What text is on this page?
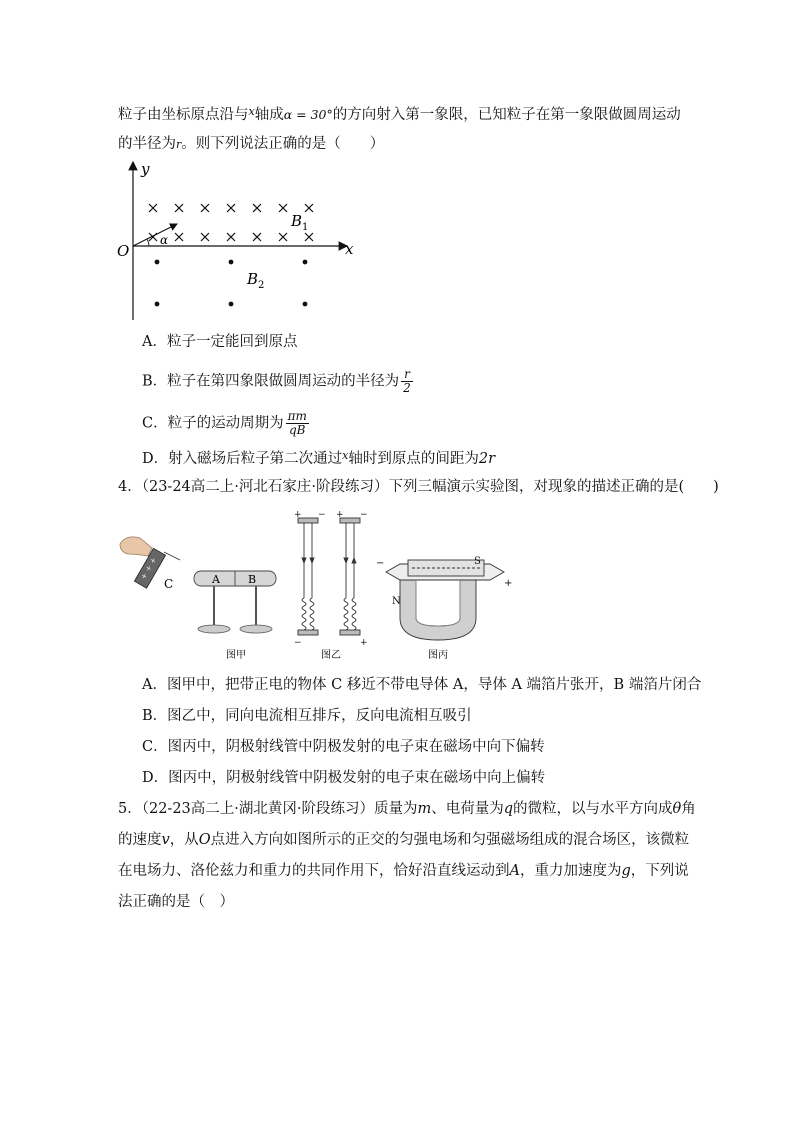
粒子由坐标原点沿与$^x$轴成α = 30°的方向射入第一象限，已知粒子在第一象限做圆周运动
的半径为r。则下列说法正确的是（　　）
y
x
O
α
$B_1$
$B_2$
A．粒子一定能回到原点
B．粒子在第四象限做圆周运动的半径为 $\frac{r}{2}$
C．粒子的运动周期为 $\frac{\pi m}{qB}$
D．射入磁场后粒子第二次通过$^x$轴时到原点的间距为2r
4．（23-24高二上·河北石家庄·阶段练习）下列三幅演示实验图，对现象的描述正确的是(　　)
+
+
+
C	A	B
图甲
+ − + −
−	+
图乙
−
+
S
N
图丙
A．图甲中，把带正电的物体 C 移近不带电导体 A，导体 A 端箔片张开，B 端箔片闭合
B．图乙中，同向电流相互排斥，反向电流相互吸引
C．图丙中，阴极射线管中阴极发射的电子束在磁场中向下偏转
D．图丙中，阴极射线管中阴极发射的电子束在磁场中向上偏转
5．（22-23高二上·湖北黄冈·阶段练习）质量为m、电荷量为q的微粒，以与水平方向成θ角
的速度v，从O点进入方向如图所示的正交的匀强电场和匀强磁场组成的混合场区，该微粒
在电场力、洛伦兹力和重力的共同作用下，恰好沿直线运动到A，重力加速度为g，下列说
法正确的是（　）
